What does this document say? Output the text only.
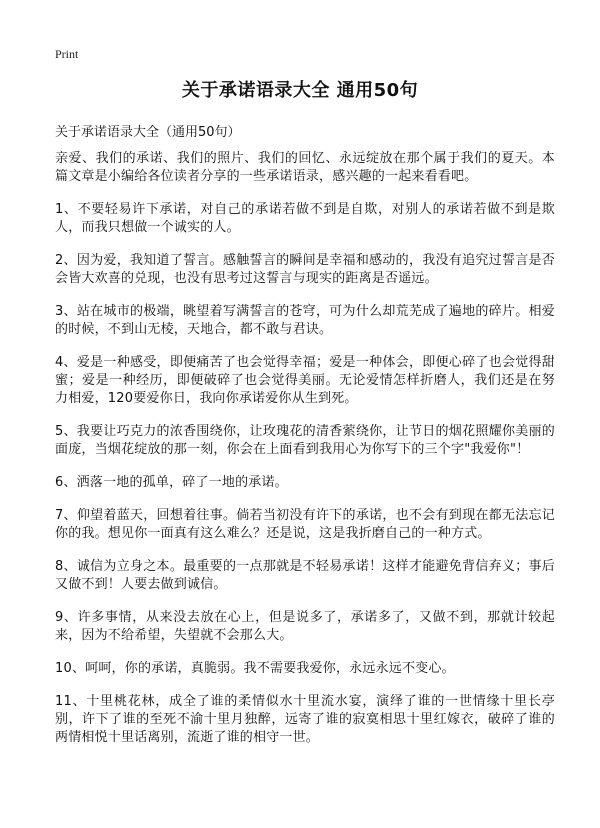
Print
关于承诺语录大全 通用50句
关于承诺语录大全（通用50句）

亲爱、我们的承诺、我们的照片、我们的回忆、永远绽放在那个属于我们的夏天。本篇文章是小编给各位读者分享的一些承诺语录，感兴趣的一起来看看吧。

1、不要轻易许下承诺，对自己的承诺若做不到是自欺，对别人的承诺若做不到是欺人，而我只想做一个诚实的人。

2、因为爱，我知道了誓言。感触誓言的瞬间是幸福和感动的，我没有追究过誓言是否会皆大欢喜的兑现，也没有思考过这誓言与现实的距离是否遥远。

3、站在城市的极端，眺望着写满誓言的苍穹，可为什么却荒芜成了遍地的碎片。相爱的时候，不到山无棱，天地合，都不敢与君诀。

4、爱是一种感受，即便痛苦了也会觉得幸福；爱是一种体会，即便心碎了也会觉得甜蜜；爱是一种经历，即便破碎了也会觉得美丽。无论爱情怎样折磨人，我们还是在努力相爱，120要爱你日，我向你承诺爱你从生到死。

5、我要让巧克力的浓香围绕你，让玫瑰花的清香萦绕你，让节日的烟花照耀你美丽的面庞，当烟花绽放的那一刻，你会在上面看到我用心为你写下的三个字"我爱你"！

6、洒落一地的孤单，碎了一地的承诺。

7、仰望着蓝天，回想着往事。倘若当初没有许下的承诺，也不会有到现在都无法忘记你的我。想见你一面真有这么难么？还是说，这是我折磨自己的一种方式。

8、诚信为立身之本。最重要的一点那就是不轻易承诺！这样才能避免背信弃义；事后又做不到！人要去做到诚信。

9、许多事情，从来没去放在心上，但是说多了，承诺多了，又做不到，那就计较起来，因为不给希望，失望就不会那么大。

10、呵呵，你的承诺，真脆弱。我不需要我爱你，永远永远不变心。

11、十里桃花林，成全了谁的柔情似水十里流水宴，演绎了谁的一世情缘十里长亭别，许下了谁的至死不渝十里月独醉，远寄了谁的寂寞相思十里红嫁衣，破碎了谁的两情相悦十里话离别，流逝了谁的相守一世。
